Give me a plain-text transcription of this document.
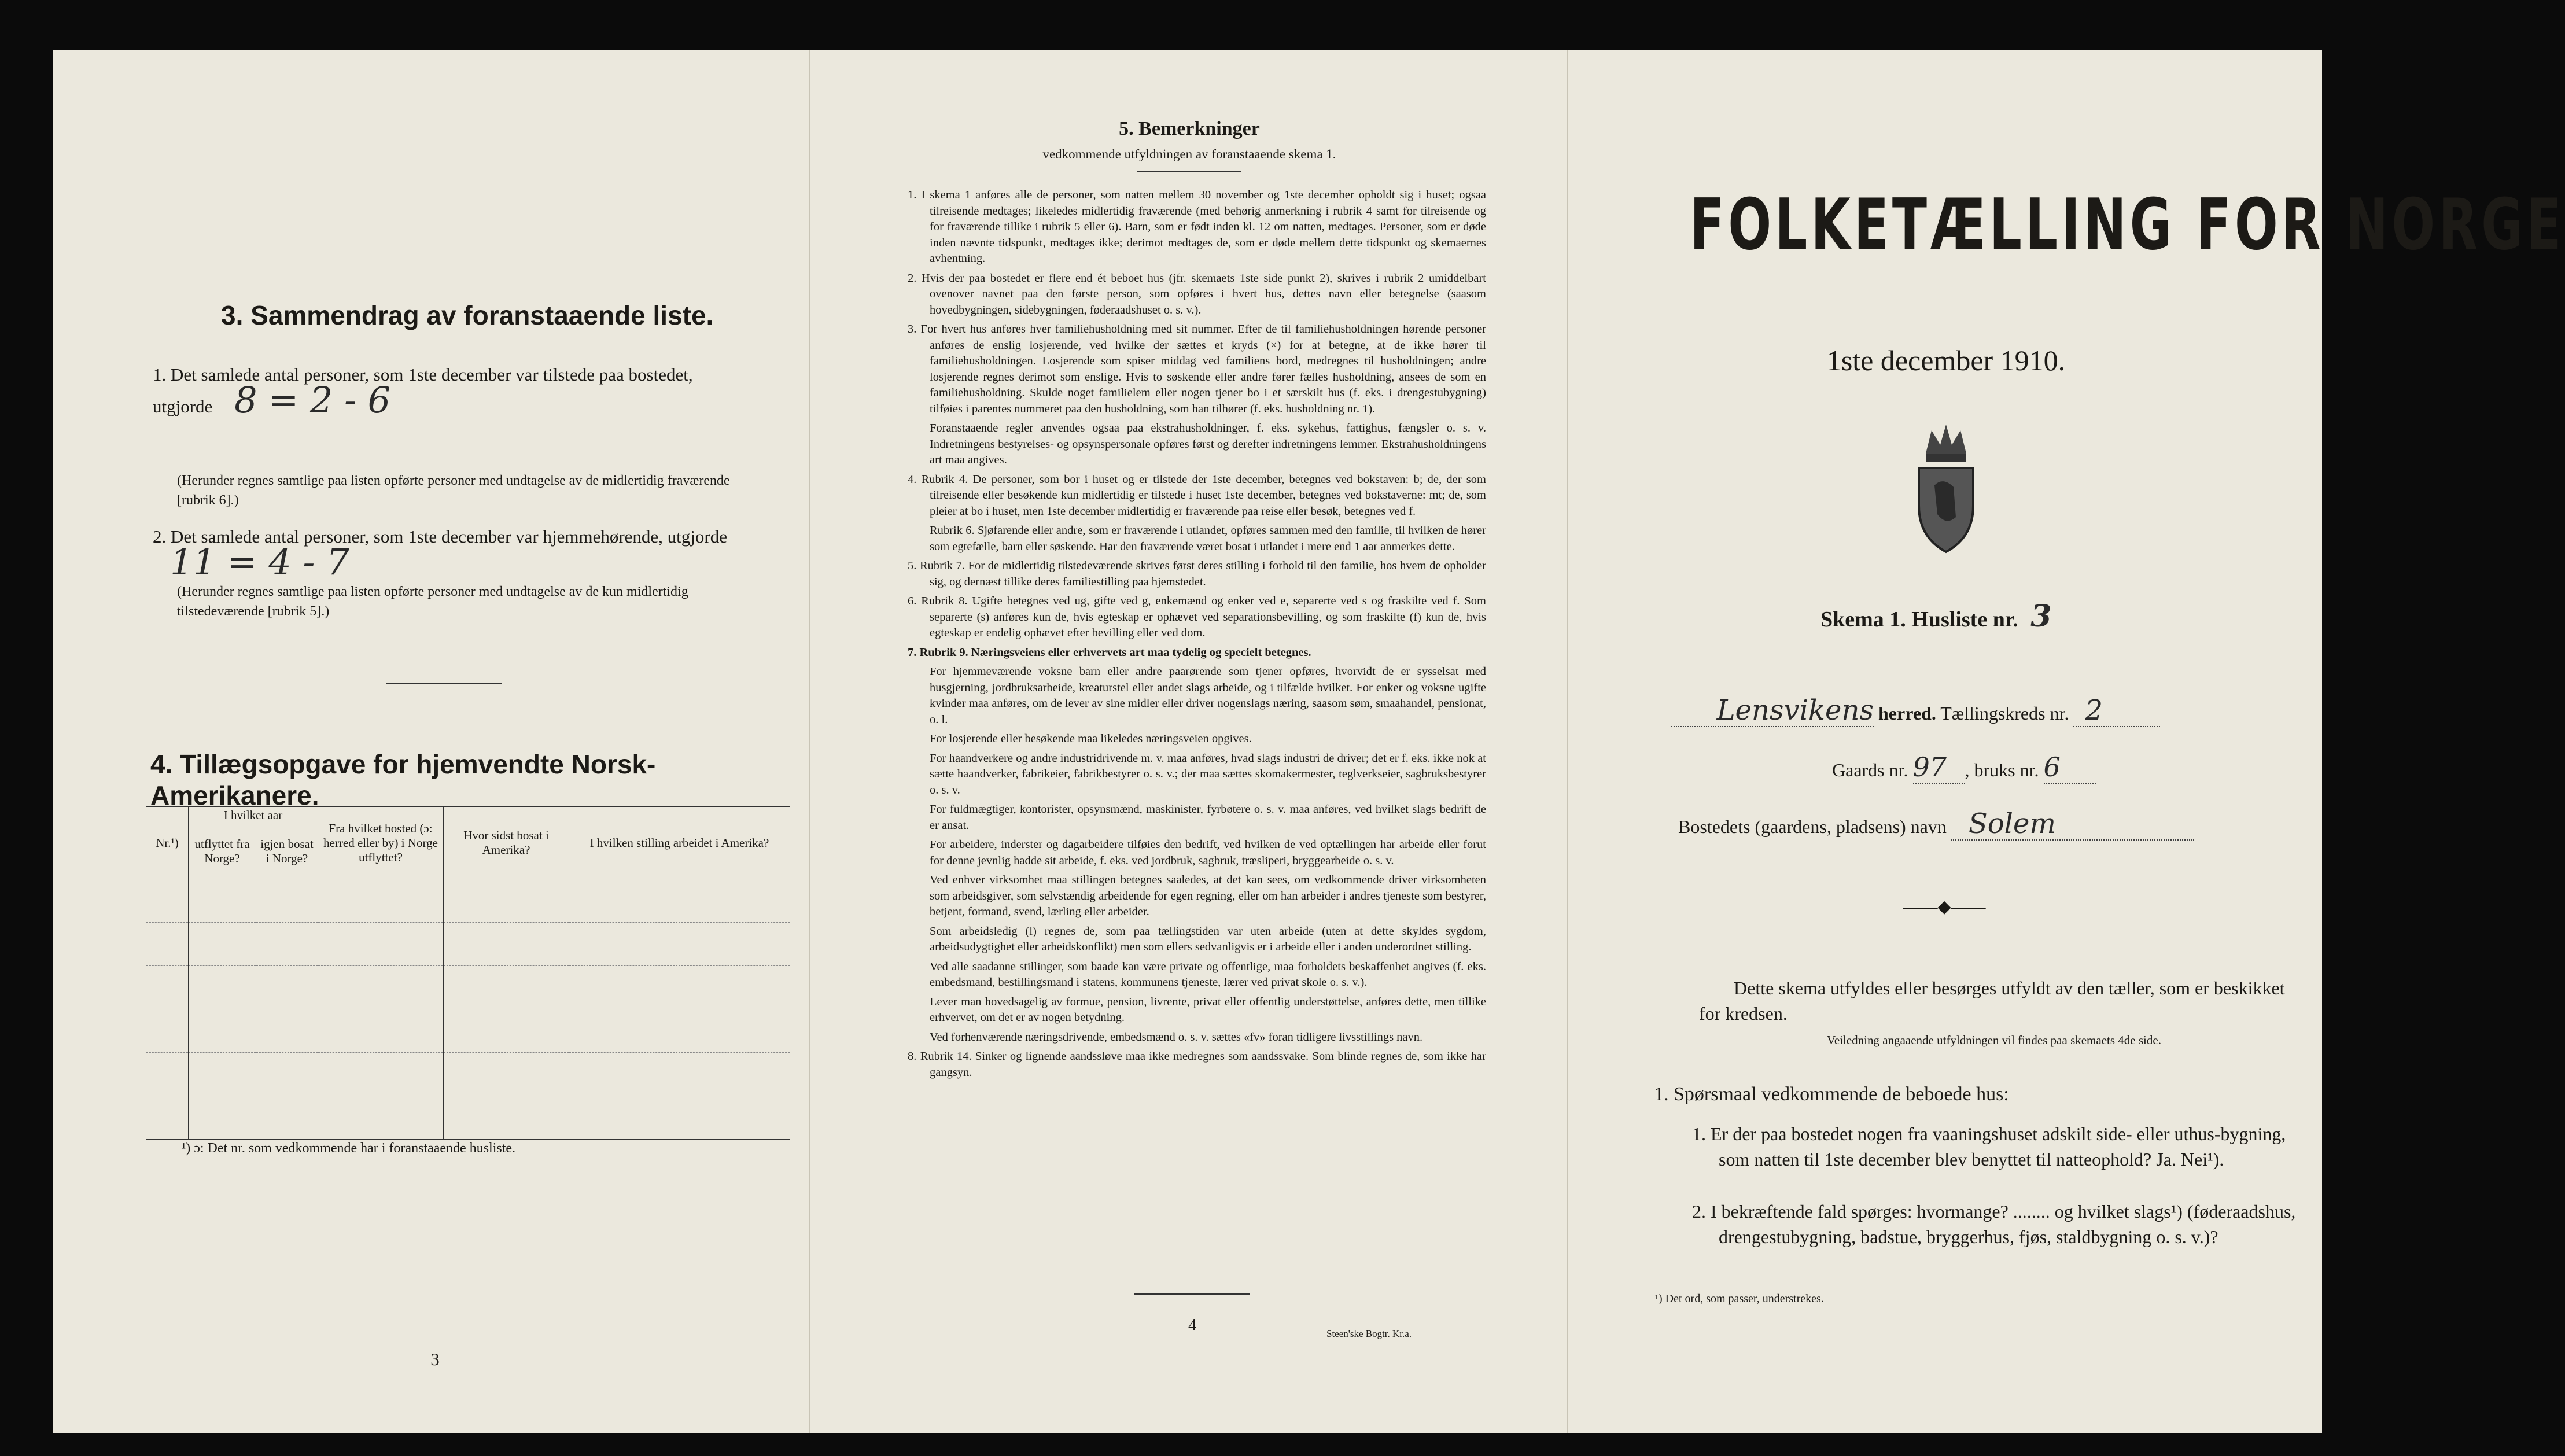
3. Sammendrag av foranstaaende liste.
1. Det samlede antal personer, som 1ste december var tilstede paa bostedet, utgjorde 8 = 2 - 6
(Herunder regnes samtlige paa listen opførte personer med undtagelse av de midlertidig fraværende [rubrik 6].)
2. Det samlede antal personer, som 1ste december var hjemmehørende, utgjorde 11 = 4 - 7
(Herunder regnes samtlige paa listen opførte personer med undtagelse av de kun midlertidig tilstedeværende [rubrik 5].)
4. Tillægsopgave for hjemvendte Norsk-Amerikanere.
Nr.¹)	I hvilket aar		Fra hvilket bosted (ɔ: herred eller by) i Norge utflyttet?	Hvor sidst bosat i Amerika?	I hvilken stilling arbeidet i Amerika?
	utflyttet fra Norge?	igjen bosat i Norge?			

¹) ɔ: Det nr. som vedkommende har i foranstaaende husliste.
3
5. Bemerkninger
vedkommende utfyldningen av foranstaaende skema 1.

1. I skema 1 anføres alle de personer, som natten mellem 30 november og 1ste december opholdt sig i huset; ogsaa tilreisende medtages; likeledes midlertidig fraværende (med behørig anmerkning i rubrik 4 samt for tilreisende og for fraværende tillike i rubrik 5 eller 6). Barn, som er født inden kl. 12 om natten, medtages. Personer, som er døde inden nævnte tidspunkt, medtages ikke; derimot medtages de, som er døde mellem dette tidspunkt og skemaernes avhentning.

2. Hvis der paa bostedet er flere end ét beboet hus (jfr. skemaets 1ste side punkt 2), skrives i rubrik 2 umiddelbart ovenover navnet paa den første person, som opføres i hvert hus, dettes navn eller betegnelse (saasom hovedbygningen, sidebygningen, føderaadshuset o. s. v.).

3. For hvert hus anføres hver familiehusholdning med sit nummer. Efter de til familiehusholdningen hørende personer anføres de enslig losjerende, ved hvilke der sættes et kryds (×) for at betegne, at de ikke hører til familiehusholdningen. Losjerende som spiser middag ved familiens bord, medregnes til husholdningen; andre losjerende regnes derimot som enslige. Hvis to søskende eller andre fører fælles husholdning, ansees de som en familiehusholdning. Skulde noget familielem eller nogen tjener bo i et særskilt hus (f. eks. i drengestubygning) tilføies i parentes nummeret paa den husholdning, som han tilhører (f. eks. husholdning nr. 1).

Foranstaaende regler anvendes ogsaa paa ekstrahusholdninger, f. eks. sykehus, fattighus, fængsler o. s. v. Indretningens bestyrelses- og opsynspersonale opføres først og derefter indretningens lemmer. Ekstrahusholdningens art maa angives.

4. Rubrik 4. De personer, som bor i huset og er tilstede der 1ste december, betegnes ved bokstaven: b; de, der som tilreisende eller besøkende kun midlertidig er tilstede i huset 1ste december, betegnes ved bokstaverne: mt; de, som pleier at bo i huset, men 1ste december midlertidig er fraværende paa reise eller besøk, betegnes ved f.

Rubrik 6. Sjøfarende eller andre, som er fraværende i utlandet, opføres sammen med den familie, til hvilken de hører som egtefælle, barn eller søskende. Har den fraværende været bosat i utlandet i mere end 1 aar anmerkes dette.

5. Rubrik 7. For de midlertidig tilstedeværende skrives først deres stilling i forhold til den familie, hos hvem de opholder sig, og dernæst tillike deres familiestilling paa hjemstedet.

6. Rubrik 8. Ugifte betegnes ved ug, gifte ved g, enkemænd og enker ved e, separerte ved s og fraskilte ved f. Som separerte (s) anføres kun de, hvis egteskap er ophævet ved separationsbevilling, og som fraskilte (f) kun de, hvis egteskap er endelig ophævet efter bevilling eller ved dom.

7. Rubrik 9. Næringsveiens eller erhvervets art maa tydelig og specielt betegnes.

For hjemmeværende voksne barn eller andre paarørende som tjener opføres, hvorvidt de er sysselsat med husgjerning, jordbruksarbeide, kreaturstel eller andet slags arbeide, og i tilfælde hvilket. For enker og voksne ugifte kvinder maa anføres, om de lever av sine midler eller driver nogenslags næring, saasom søm, smaahandel, pensionat, o. l.

For losjerende eller besøkende maa likeledes næringsveien opgives.

For haandverkere og andre industridrivende m. v. maa anføres, hvad slags industri de driver; det er f. eks. ikke nok at sætte haandverker, fabrikeier, fabrikbestyrer o. s. v.; der maa sættes skomakermester, teglverkseier, sagbruksbestyrer o. s. v.

For fuldmægtiger, kontorister, opsynsmænd, maskinister, fyrbøtere o. s. v. maa anføres, ved hvilket slags bedrift de er ansat.

For arbeidere, inderster og dagarbeidere tilføies den bedrift, ved hvilken de ved optællingen har arbeide eller forut for denne jevnlig hadde sit arbeide, f. eks. ved jordbruk, sagbruk, træsliperi, bryggearbeide o. s. v.

Ved enhver virksomhet maa stillingen betegnes saaledes, at det kan sees, om vedkommende driver virksomheten som arbeidsgiver, som selvstændig arbeidende for egen regning, eller om han arbeider i andres tjeneste som bestyrer, betjent, formand, svend, lærling eller arbeider.

Som arbeidsledig (l) regnes de, som paa tællingstiden var uten arbeide (uten at dette skyldes sygdom, arbeidsudygtighet eller arbeidskonflikt) men som ellers sedvanligvis er i arbeide eller i anden underordnet stilling.

Ved alle saadanne stillinger, som baade kan være private og offentlige, maa forholdets beskaffenhet angives (f. eks. embedsmand, bestillingsmand i statens, kommunens tjeneste, lærer ved privat skole o. s. v.).

Lever man hovedsagelig av formue, pension, livrente, privat eller offentlig understøttelse, anføres dette, men tillike erhvervet, om det er av nogen betydning.

Ved forhenværende næringsdrivende, embedsmænd o. s. v. sættes «fv» foran tidligere livsstillings navn.

8. Rubrik 14. Sinker og lignende aandssløve maa ikke medregnes som aandssvake. Som blinde regnes de, som ikke har gangsyn.

4	Steen'ske Bogtr. Kr.a.
FOLKETÆLLING FOR NORGE
1ste december 1910.
Skema 1. Husliste nr. 3
Lensvikens herred. Tællingskreds nr. 2
Gaards nr. 97 , bruks nr. 6
Bostedets (gaardens, pladsens) navn Solem
——◆——
Dette skema utfyldes eller besørges utfyldt av den tæller, som er beskikket for kredsen.
Veiledning angaaende utfyldningen vil findes paa skemaets 4de side.
1. Spørsmaal vedkommende de beboede hus:
1. Er der paa bostedet nogen fra vaaningshuset adskilt side- eller uthus-bygning, som natten til 1ste december blev benyttet til natteophold? Ja. Nei¹).
2. I bekræftende fald spørges: hvormange? ........ og hvilket slags¹) (føderaadshus, drengestubygning, badstue, bryggerhus, fjøs, staldbygning o. s. v.)?
¹) Det ord, som passer, understrekes.
